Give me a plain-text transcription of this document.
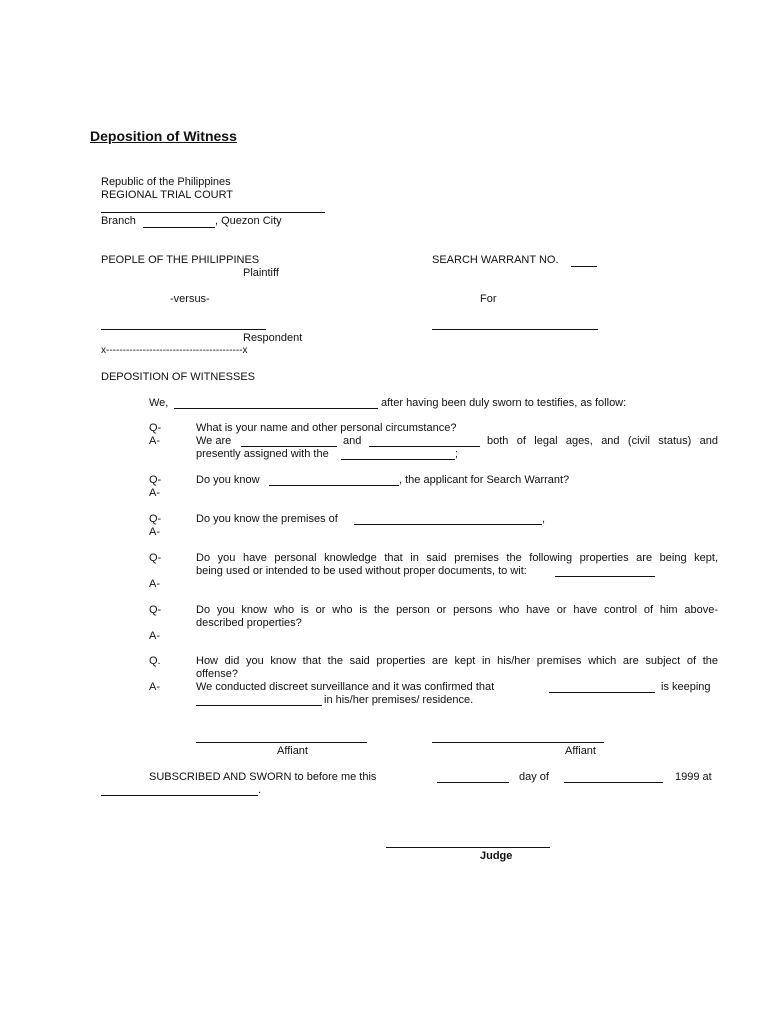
Deposition of Witness
Republic of the Philippines
REGIONAL TRIAL COURT
Branch	, Quezon City
PEOPLE OF THE PHILIPPINES
Plaintiff
-versus-
Respondent
x-----------------------------------------x
SEARCH WARRANT NO.
For
DEPOSITION OF WITNESSES
We,	after having been duly sworn to testifies, as follow:
Q-	What is your name and other personal circumstance?
A-	We are	and	both of legal ages, and (civil status) and
presently assigned with the	;
Q-	Do you know	, the applicant for Search Warrant?
A-
Q-	Do you know the premises of	,
A-
Q-	Do you have personal knowledge that in said premises the following properties are being kept,
being used or intended to be used without proper documents, to wit:
A-
Q-	Do you know who is or who is the person or persons who have or have control of him above-
described properties?
A-
Q.	How did you know that the said properties are kept in his/her premises which are subject of the
offense?
A-	We conducted discreet surveillance and it was confirmed that	is keeping
in his/her premises/ residence.
Affiant	Affiant
SUBSCRIBED AND SWORN to before me this	day of	1999 at
.
Judge
